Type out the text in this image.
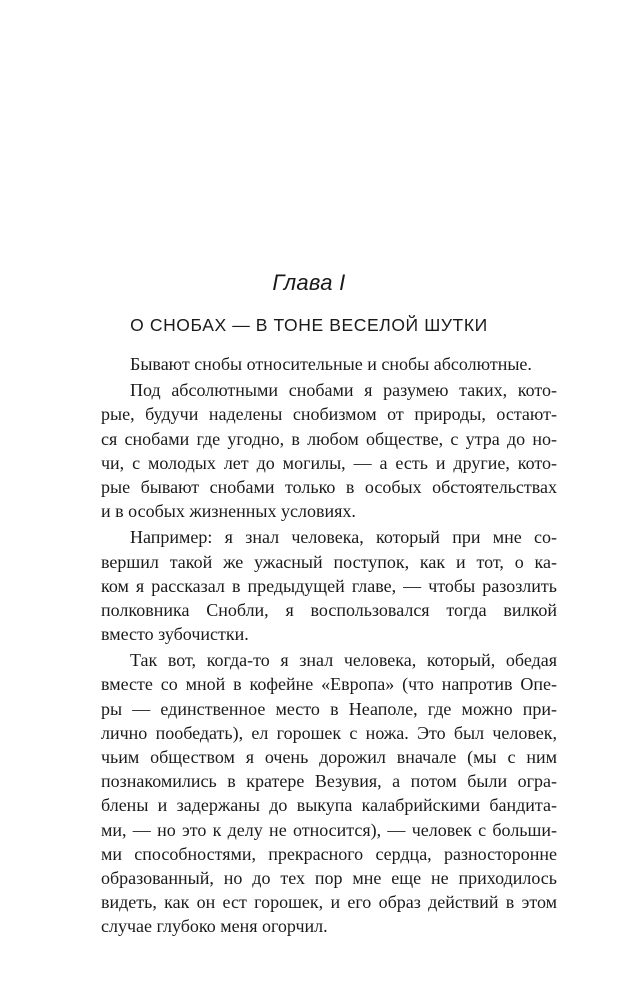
Глава I
О СНОБАХ — В ТОНЕ ВЕСЕЛОЙ ШУТКИ
Бывают снобы относительные и снобы абсолютные.
Под абсолютными снобами я разумею таких, кото-
рые, будучи наделены снобизмом от природы, остают-
ся снобами где угодно, в любом обществе, с утра до но-
чи, с молодых лет до могилы, — а есть и другие, кото-
рые бывают снобами только в особых обстоятельствах
и в особых жизненных условиях.
Например: я знал человека, который при мне со-
вершил такой же ужасный поступок, как и тот, о ка-
ком я рассказал в предыдущей главе, — чтобы разозлить
полковника Снобли, я воспользовался тогда вилкой
вместо зубочистки.
Так вот, когда-то я знал человека, который, обедая
вместе со мной в кофейне «Европа» (что напротив Опе-
ры — единственное место в Неаполе, где можно при-
лично пообедать), ел горошек с ножа. Это был человек,
чьим обществом я очень дорожил вначале (мы с ним
познакомились в кратере Везувия, а потом были огра-
блены и задержаны до выкупа калабрийскими бандита-
ми, — но это к делу не относится), — человек с больши-
ми способностями, прекрасного сердца, разносторонне
образованный, но до тех пор мне еще не приходилось
видеть, как он ест горошек, и его образ действий в этом
случае глубоко меня огорчил.
